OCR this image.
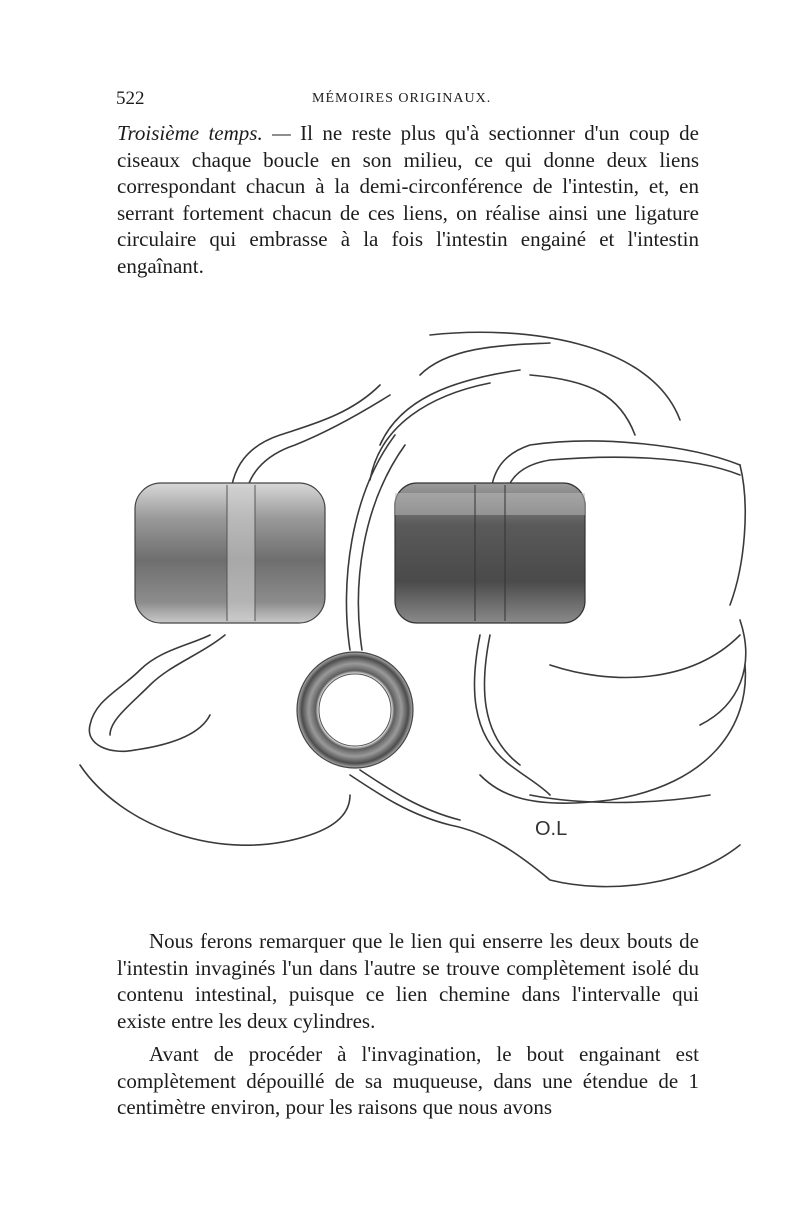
522	MÉMOIRES ORIGINAUX.

Troisième temps. — Il ne reste plus qu'à sectionner d'un coup de ciseaux chaque boucle en son milieu, ce qui donne deux liens correspondant chacun à la demi-circonférence de l'intestin, et, en serrant fortement chacun de ces liens, on réalise ainsi une ligature circulaire qui embrasse à la fois l'intestin engainé et l'intestin engaînant.

O.L

Nous ferons remarquer que le lien qui enserre les deux bouts de l'intestin invaginés l'un dans l'autre se trouve complètement isolé du contenu intestinal, puisque ce lien chemine dans l'intervalle qui existe entre les deux cylindres.

Avant de procéder à l'invagination, le bout engainant est complètement dépouillé de sa muqueuse, dans une étendue de 1 centimètre environ, pour les raisons que nous avons
